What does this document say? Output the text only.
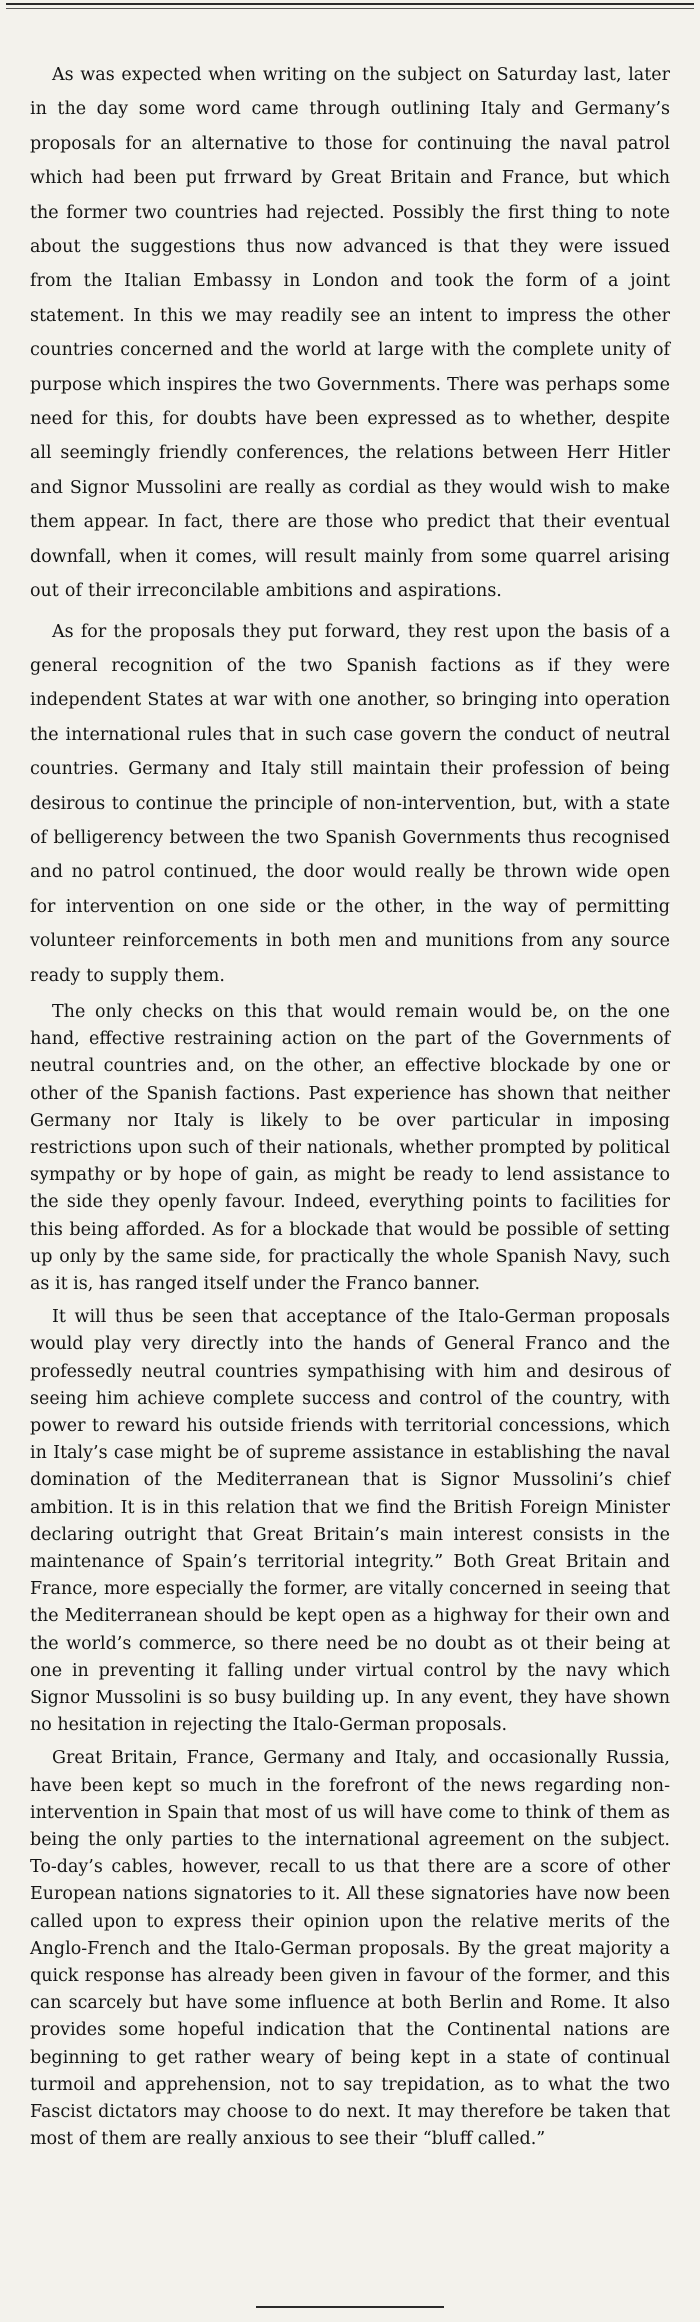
As was expected when writing on the subject on Saturday last, later in the day some word came through outlining Italy and Germany’s proposals for an alternative to those for continuing the naval patrol which had been put frrward by Great Britain and France, but which the former two countries had rejected. Possibly the first thing to note about the suggestions thus now advanced is that they were issued from the Italian Embassy in London and took the form of a joint statement. In this we may readily see an intent to impress the other countries concerned and the world at large with the complete unity of purpose which inspires the two Governments. There was perhaps some need for this, for doubts have been expressed as to whether, despite all seemingly friendly conferences, the relations between Herr Hitler and Signor Mussolini are really as cordial as they would wish to make them appear. In fact, there are those who predict that their eventual downfall, when it comes, will result mainly from some quarrel arising out of their irreconcilable ambitions and aspirations.

As for the proposals they put forward, they rest upon the basis of a general recognition of the two Spanish factions as if they were independent States at war with one another, so bringing into operation the international rules that in such case govern the conduct of neutral countries. Germany and Italy still maintain their profession of being desirous to continue the principle of non-intervention, but, with a state of belligerency between the two Spanish Governments thus recognised and no patrol continued, the door would really be thrown wide open for intervention on one side or the other, in the way of permitting volunteer reinforcements in both men and munitions from any source ready to supply them.

The only checks on this that would remain would be, on the one hand, effective restraining action on the part of the Governments of neutral countries and, on the other, an effective blockade by one or other of the Spanish factions. Past experience has shown that neither Germany nor Italy is likely to be over particular in imposing restrictions upon such of their nationals, whether prompted by political sympathy or by hope of gain, as might be ready to lend assistance to the side they openly favour. Indeed, everything points to facilities for this being afforded. As for a blockade that would be possible of setting up only by the same side, for practically the whole Spanish Navy, such as it is, has ranged itself under the Franco banner.

It will thus be seen that acceptance of the Italo-German proposals would play very directly into the hands of General Franco and the professedly neutral countries sympathising with him and desirous of seeing him achieve complete success and control of the country, with power to reward his outside friends with territorial concessions, which in Italy’s case might be of supreme assistance in establishing the naval domination of the Mediterranean that is Signor Mussolini’s chief ambition. It is in this relation that we find the British Foreign Minister declaring outright that Great Britain’s main interest consists in the maintenance of Spain’s territorial integrity.” Both Great Britain and France, more especially the former, are vitally concerned in seeing that the Mediterranean should be kept open as a highway for their own and the world’s commerce, so there need be no doubt as ot their being at one in preventing it falling under virtual control by the navy which Signor Mussolini is so busy building up. In any event, they have shown no hesitation in rejecting the Italo-German proposals.

Great Britain, France, Germany and Italy, and occasionally Russia, have been kept so much in the forefront of the news regarding non-intervention in Spain that most of us will have come to think of them as being the only parties to the international agreement on the subject. To-day’s cables, however, recall to us that there are a score of other European nations signatories to it. All these signatories have now been called upon to express their opinion upon the relative merits of the Anglo-French and the Italo-German proposals. By the great majority a quick response has already been given in favour of the former, and this can scarcely but have some influence at both Berlin and Rome. It also provides some hopeful indication that the Continental nations are beginning to get rather weary of being kept in a state of continual turmoil and apprehension, not to say trepidation, as to what the two Fascist dictators may choose to do next. It may therefore be taken that most of them are really anxious to see their “bluff called.”
